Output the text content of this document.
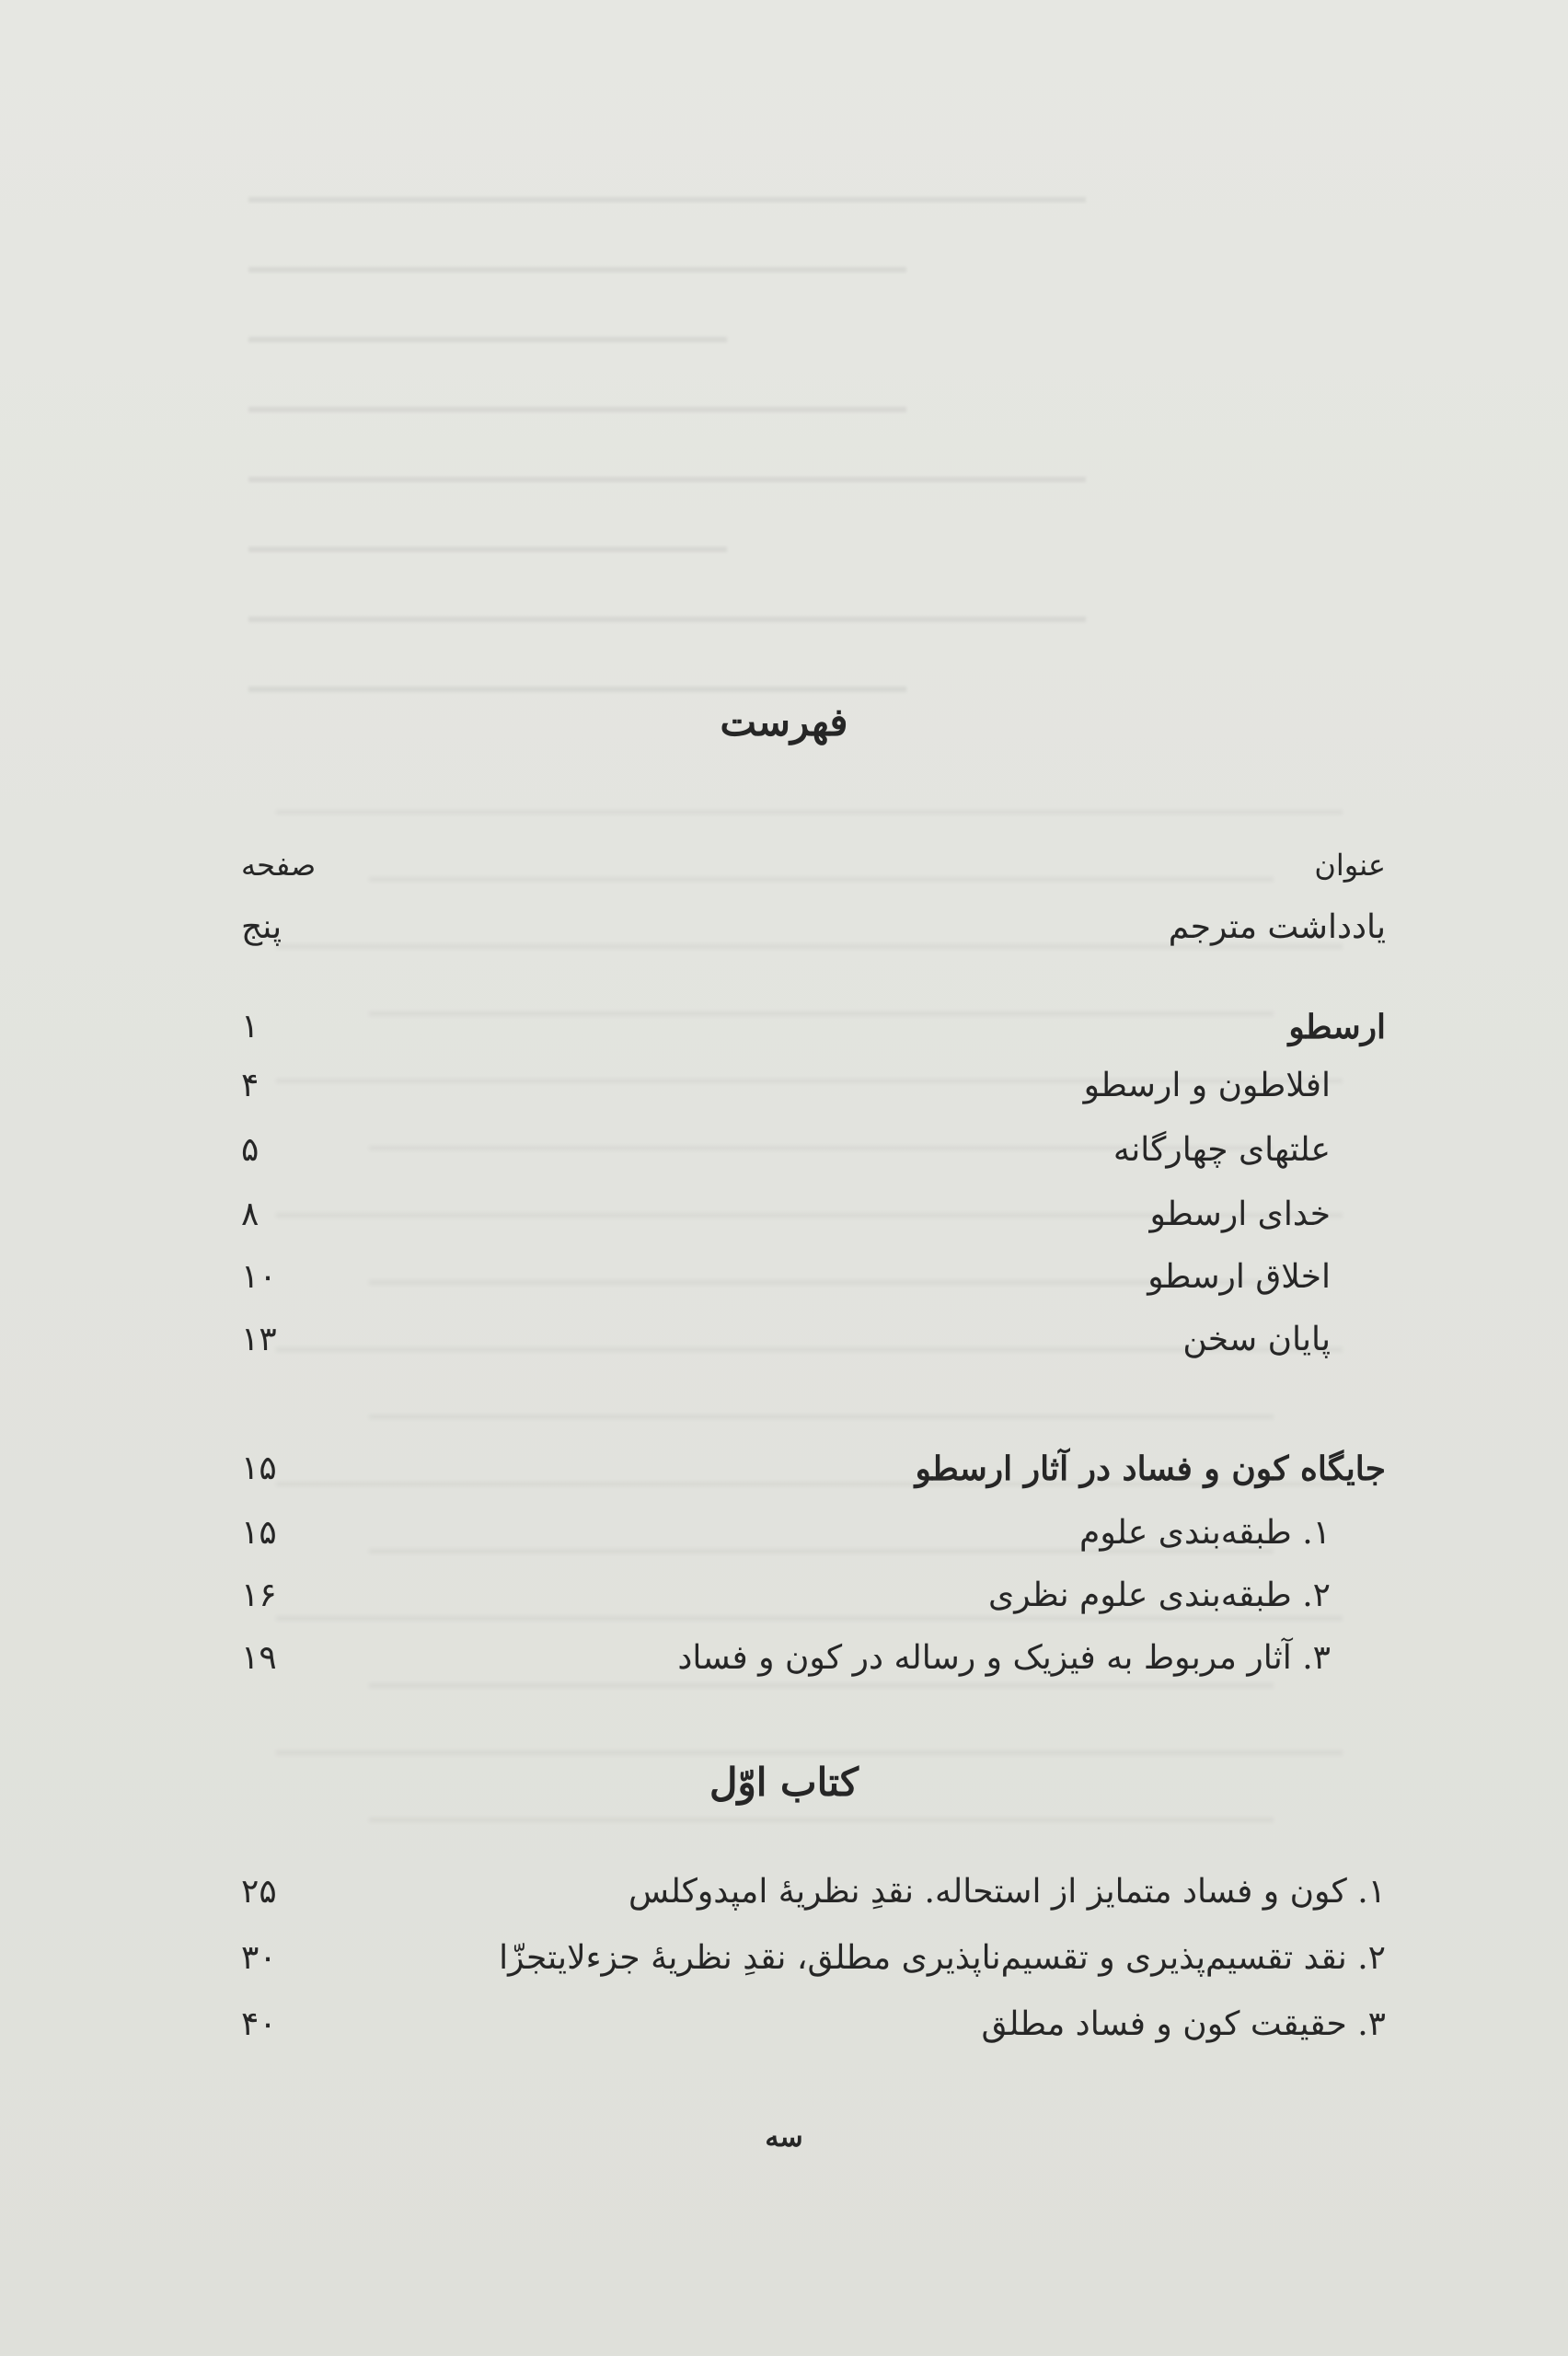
فهرست
عنوان
صفحه
یادداشت مترجم
پنج
ارسطو
۱
افلاطون و ارسطو
۴
علتهای چهارگانه
۵
خدای ارسطو
۸
اخلاق ارسطو
۱۰
پایان سخن
۱۳
جایگاه کون و فساد در آثار ارسطو
۱۵
۱. طبقه‌بندی علوم
۱۵
۲. طبقه‌بندی علوم نظری
۱۶
۳. آثار مربوط به فیزیک و رساله در کون و فساد
۱۹
کتاب اوّل
۱. کون و فساد متمایز از استحاله. نقدِ نظریهٔ امپدوکلس
۲۵
۲. نقد تقسیم‌پذیری و تقسیم‌ناپذیری مطلق، نقدِ نظریهٔ جزءلایتجزّا
۳۰
۳. حقیقت کون و فساد مطلق
۴۰
سه
